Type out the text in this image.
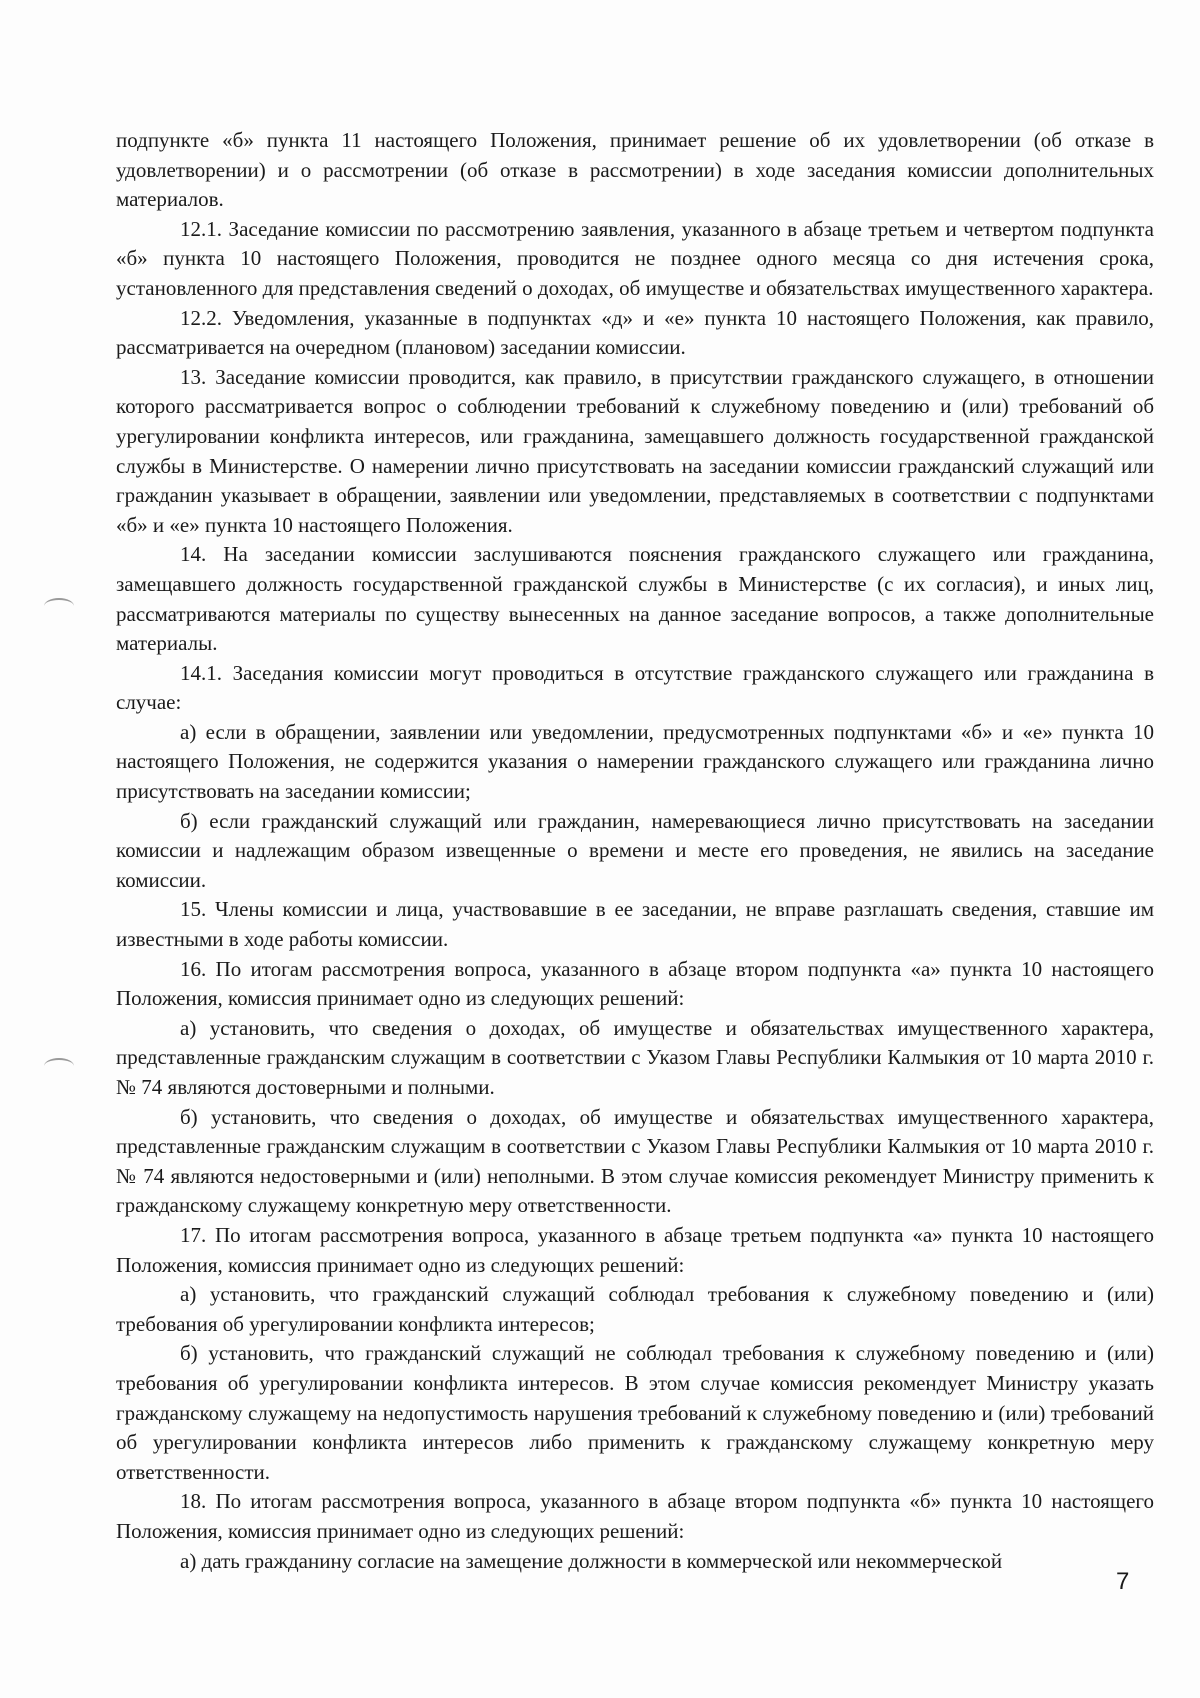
подпункте «б» пункта 11 настоящего Положения, принимает решение об их удовлетворении (об отказе в удовлетворении) и о рассмотрении (об отказе в рассмотрении) в ходе заседания комиссии дополнительных материалов.

12.1. Заседание комиссии по рассмотрению заявления, указанного в абзаце третьем и четвертом подпункта «б» пункта 10 настоящего Положения, проводится не позднее одного месяца со дня истечения срока, установленного для представления сведений о доходах, об имуществе и обязательствах имущественного характера.

12.2. Уведомления, указанные в подпунктах «д» и «е» пункта 10 настоящего Положения, как правило, рассматривается на очередном (плановом) заседании комиссии.

13. Заседание комиссии проводится, как правило, в присутствии гражданского служащего, в отношении которого рассматривается вопрос о соблюдении требований к служебному поведению и (или) требований об урегулировании конфликта интересов, или гражданина, замещавшего должность государственной гражданской службы в Министерстве. О намерении лично присутствовать на заседании комиссии гражданский служащий или гражданин указывает в обращении, заявлении или уведомлении, представляемых в соответствии с подпунктами «б» и «е» пункта 10 настоящего Положения.

14. На заседании комиссии заслушиваются пояснения гражданского служащего или гражданина, замещавшего должность государственной гражданской службы в Министерстве (с их согласия), и иных лиц, рассматриваются материалы по существу вынесенных на данное заседание вопросов, а также дополнительные материалы.

14.1. Заседания комиссии могут проводиться в отсутствие гражданского служащего или гражданина в случае:

а) если в обращении, заявлении или уведомлении, предусмотренных подпунктами «б» и «е» пункта 10 настоящего Положения, не содержится указания о намерении гражданского служащего или гражданина лично присутствовать на заседании комиссии;

б) если гражданский служащий или гражданин, намеревающиеся лично присутствовать на заседании комиссии и надлежащим образом извещенные о времени и месте его проведения, не явились на заседание комиссии.

15. Члены комиссии и лица, участвовавшие в ее заседании, не вправе разглашать сведения, ставшие им известными в ходе работы комиссии.

16. По итогам рассмотрения вопроса, указанного в абзаце втором подпункта «а» пункта 10 настоящего Положения, комиссия принимает одно из следующих решений:

а) установить, что сведения о доходах, об имуществе и обязательствах имущественного характера, представленные гражданским служащим в соответствии с Указом Главы Республики Калмыкия от 10 марта 2010 г. № 74 являются достоверными и полными.

б) установить, что сведения о доходах, об имуществе и обязательствах имущественного характера, представленные гражданским служащим в соответствии с Указом Главы Республики Калмыкия от 10 марта 2010 г. № 74 являются недостоверными и (или) неполными. В этом случае комиссия рекомендует Министру применить к гражданскому служащему конкретную меру ответственности.

17. По итогам рассмотрения вопроса, указанного в абзаце третьем подпункта «а» пункта 10 настоящего Положения, комиссия принимает одно из следующих решений:

а) установить, что гражданский служащий соблюдал требования к служебному поведению и (или) требования об урегулировании конфликта интересов;

б) установить, что гражданский служащий не соблюдал требования к служебному поведению и (или) требования об урегулировании конфликта интересов. В этом случае комиссия рекомендует Министру указать гражданскому служащему на недопустимость нарушения требований к служебному поведению и (или) требований об урегулировании конфликта интересов либо применить к гражданскому служащему конкретную меру ответственности.

18. По итогам рассмотрения вопроса, указанного в абзаце втором подпункта «б» пункта 10 настоящего Положения, комиссия принимает одно из следующих решений:

а) дать гражданину согласие на замещение должности в коммерческой или некоммерческой

7
